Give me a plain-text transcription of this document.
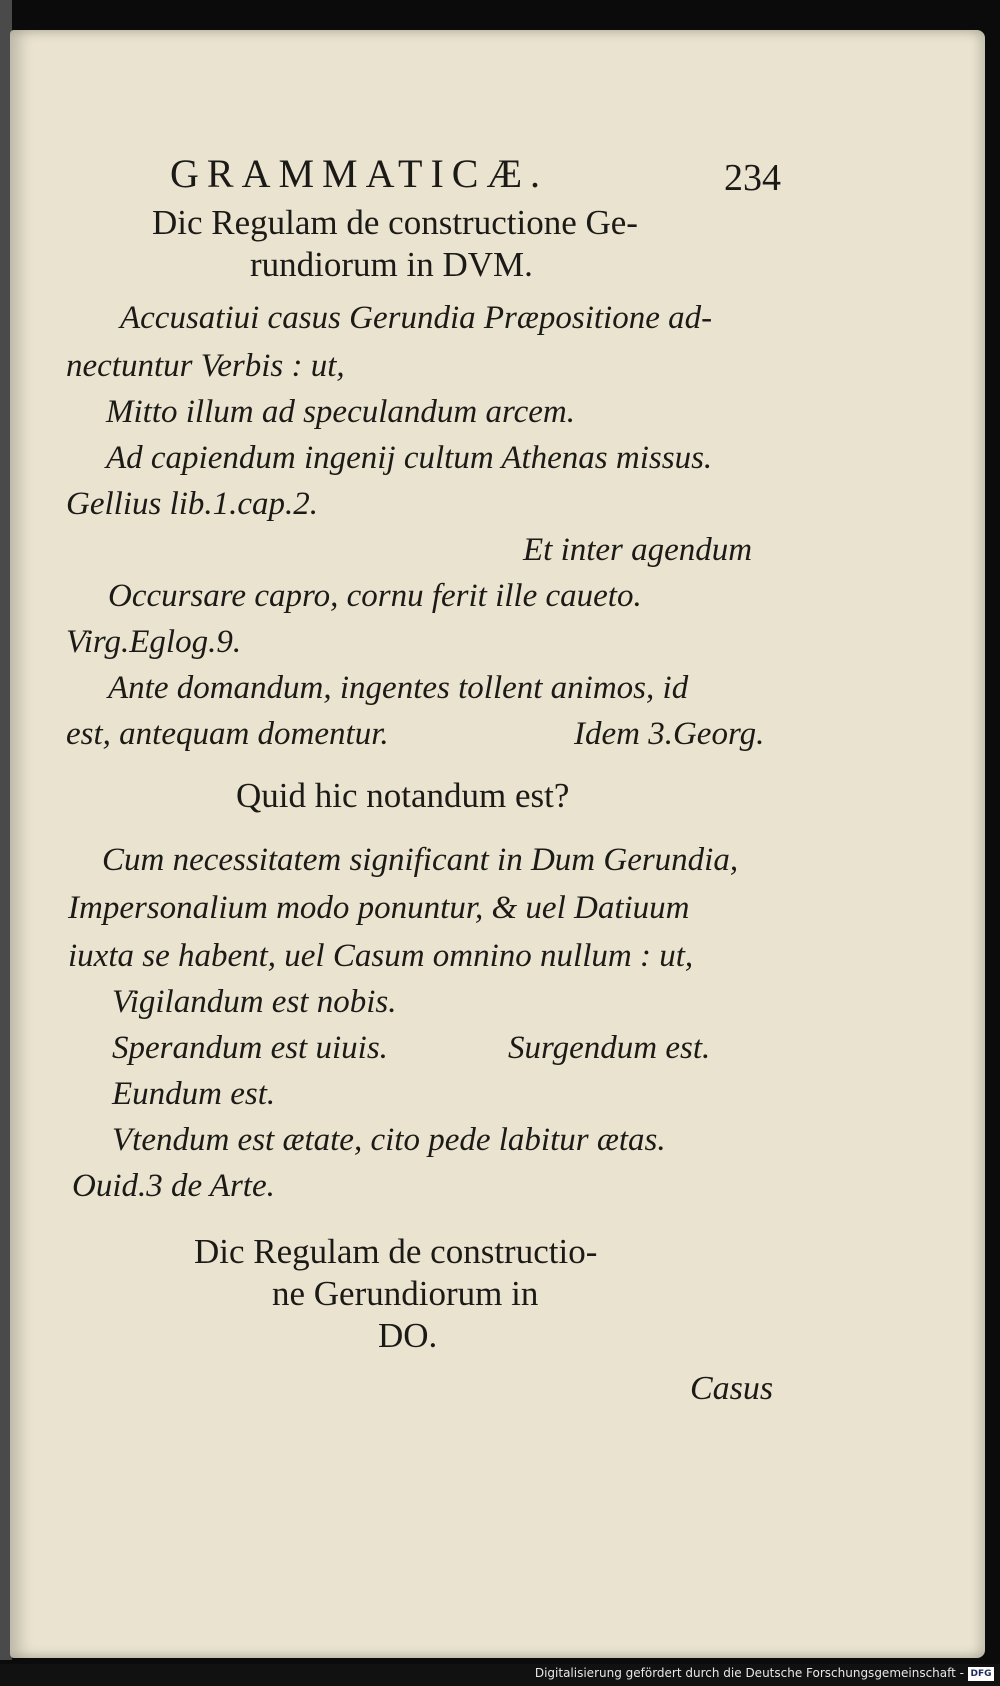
GRAMMATICÆ.	234

Dic Regulam de constructione Ge-

rundiorum in DVM.

Accusatiui casus Gerundia Præpositione ad-

nectuntur Verbis : ut,

Mitto illum ad speculandum arcem.

Ad capiendum ingenij cultum Athenas missus.

Gellius lib.1.cap.2.

Et inter agendum

Occursare capro, cornu ferit ille caueto.

Virg.Eglog.9.

Ante domandum, ingentes tollent animos, id

est, antequam domentur.	Idem 3.Georg.

Quid hic notandum est?

Cum necessitatem significant in Dum Gerundia,

Impersonalium modo ponuntur, & uel Datiuum

iuxta se habent, uel Casum omnino nullum : ut,

Vigilandum est nobis.

Sperandum est uiuis.	Surgendum est.

Eundum est.

Vtendum est ætate, cito pede labitur ætas.

Ouid.3 de Arte.

Dic Regulam de constructio-

ne Gerundiorum in

DO.

Casus

Digitalisierung gefördert durch die Deutsche Forschungsgemeinschaft - DFG
